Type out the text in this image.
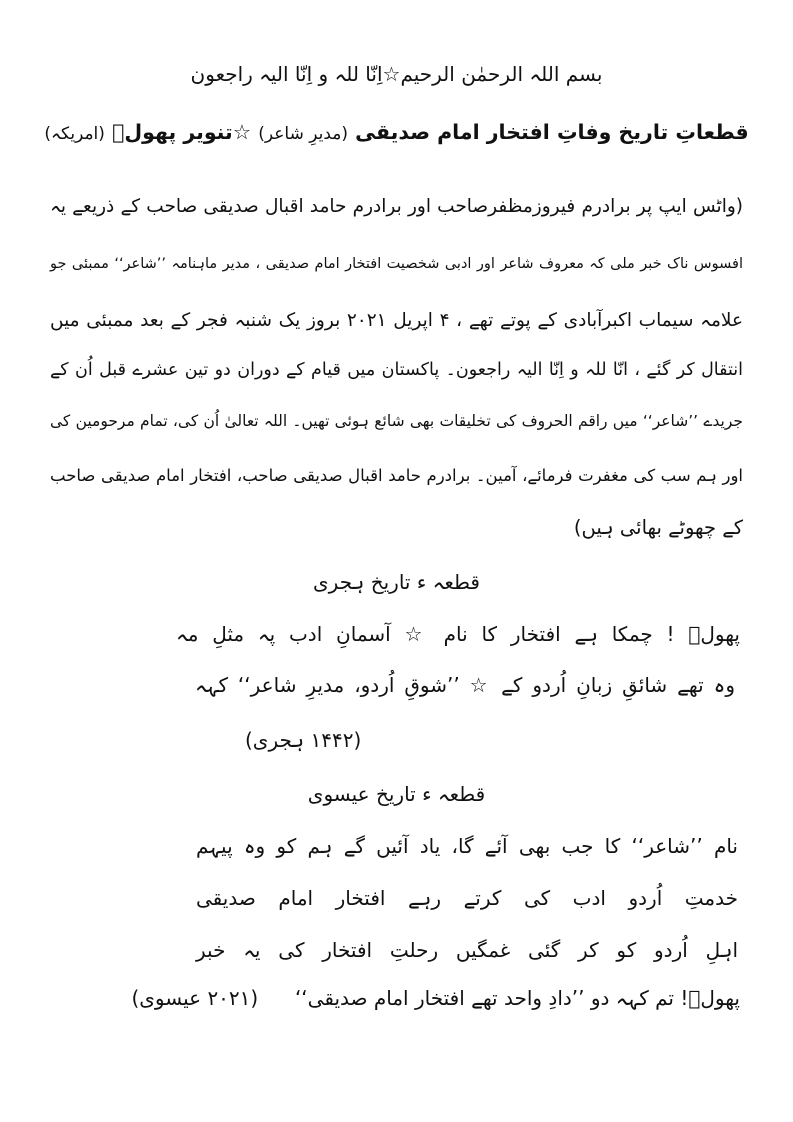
بسم اللہ الرحمٰن الرحیم☆اِنّا للہ و اِنّا الیہ راجعون
قطعاتِ تاریخ وفاتِ افتخار امام صدیقی (مدیرِ شاعر) ☆تنویر پھولؔ (امریکہ)
(واٹس ایپ پر برادرم فیروزمظفرصاحب اور برادرم حامد اقبال صدیقی صاحب کے ذریعے یہ
افسوس ناک خبر ملی کہ معروف شاعر اور ادبی شخصیت افتخار امام صدیقی ، مدیر ماہنامہ ’’شاعر‘‘ ممبئی جو
علامہ سیماب اکبرآبادی کے پوتے تھے ، ۴ اپریل ۲۰۲۱ بروز یک شنبہ فجر کے بعد ممبئی میں
انتقال کر گئے ، انّا للہ و اِنّا الیہ راجعون۔ پاکستان میں قیام کے دوران دو تین عشرے قبل اُن کے
جریدے ’’شاعر‘‘ میں راقم الحروف کی تخلیقات بھی شائع ہوئی تھیں۔ اللہ تعالیٰ اُن کی، تمام مرحومین کی
اور ہم سب کی مغفرت فرمائے، آمین۔ برادرم حامد اقبال صدیقی صاحب، افتخار امام صدیقی صاحب
کے چھوٹے بھائی ہیں)
قطعہ ء تاریخ ہجری
پھولؔ ! چمکا ہے افتخار کا نام ☆ آسمانِ ادب پہ مثلِ مہ
وہ تھے شائقِ زبانِ اُردو کے ☆ ’’شوقِ اُردو، مدیرِ شاعر‘‘ کہہ
(۱۴۴۲ ہجری)
قطعہ ء تاریخ عیسوی
نام ’’شاعر‘‘ کا جب بھی آئے گا، یاد آئیں گے ہم کو وہ پیہم
خدمتِ اُردو ادب کی کرتے رہے افتخار امام صدیقی
اہلِ اُردو کو کر گئی غمگیں رحلتِ افتخار کی یہ خبر
پھولؔ! تم کہہ دو ’’دادِ واحد تھے افتخار امام صدیقی‘‘  (۲۰۲۱ عیسوی)
